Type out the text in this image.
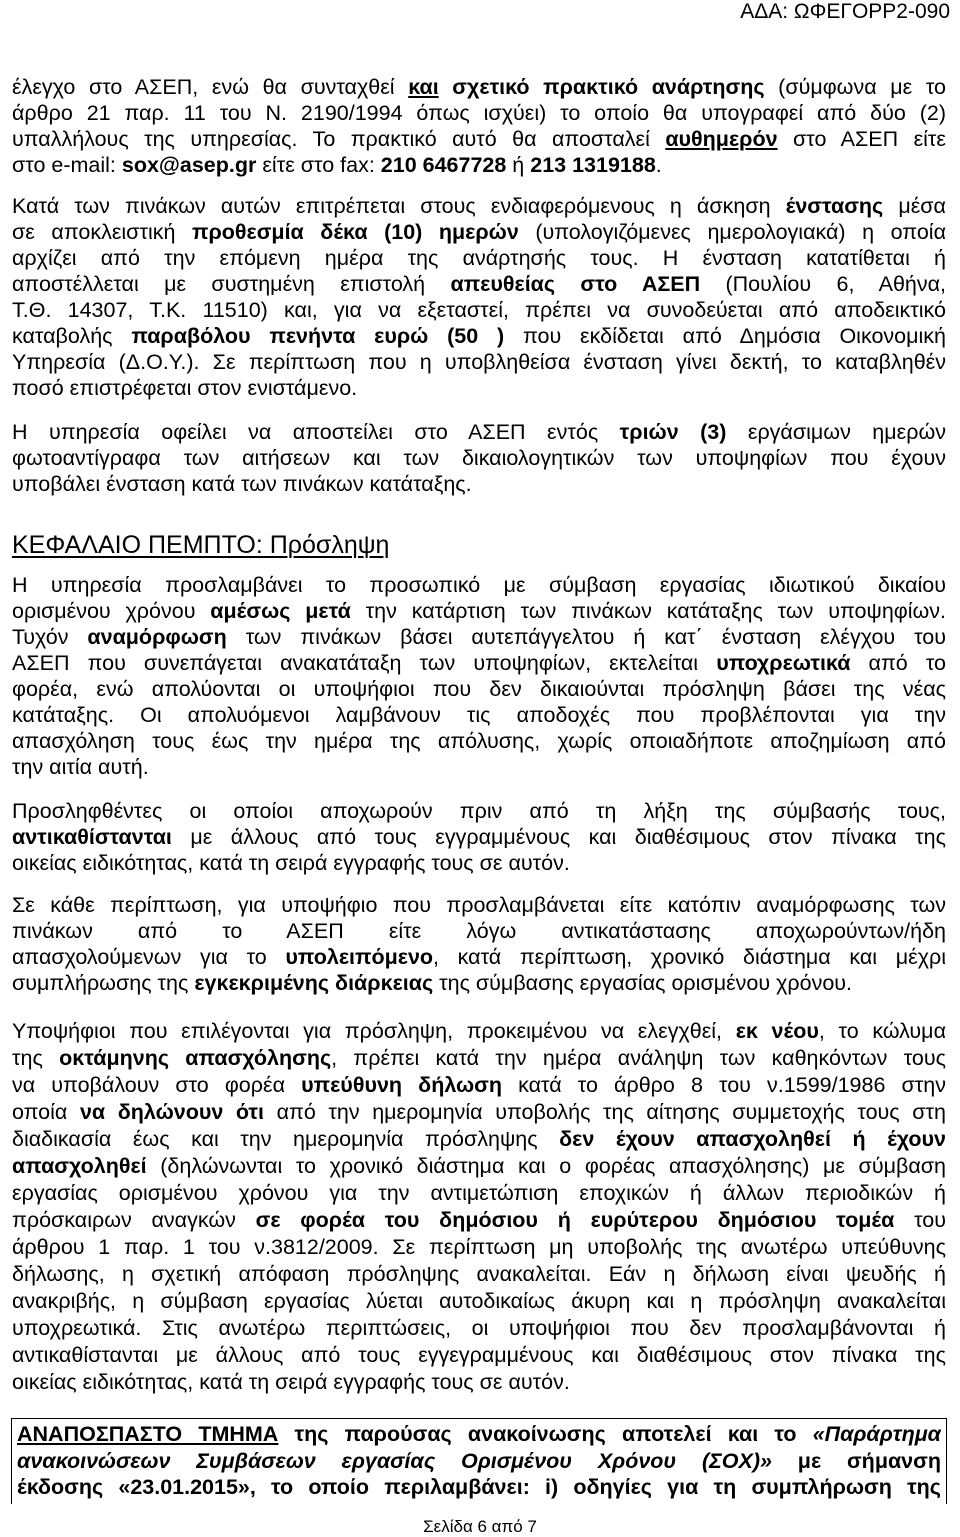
ΑΔΑ: ΩΦΕΓΟΡΡ2-090
έλεγχο στο ΑΣΕΠ, ενώ θα συνταχθεί και σχετικό πρακτικό ανάρτησης (σύμφωνα με το
άρθρο 21 παρ. 11 του Ν. 2190/1994 όπως ισχύει) το οποίο θα υπογραφεί από δύο (2)
υπαλλήλους της υπηρεσίας. Το πρακτικό αυτό θα αποσταλεί αυθημερόν στο ΑΣΕΠ είτε
στο e-mail: sox@asep.gr είτε στο fax: 210 6467728 ή 213 1319188.
Κατά των πινάκων αυτών επιτρέπεται στους ενδιαφερόμενους η άσκηση ένστασης μέσα
σε αποκλειστική προθεσμία δέκα (10) ημερών (υπολογιζόμενες ημερολογιακά) η οποία
αρχίζει από την επόμενη ημέρα της ανάρτησής τους. Η ένσταση κατατίθεται ή
αποστέλλεται με συστημένη επιστολή απευθείας στο ΑΣΕΠ (Πουλίου 6, Αθήνα,
Τ.Θ. 14307, Τ.Κ. 11510) και, για να εξεταστεί, πρέπει να συνοδεύεται από αποδεικτικό
καταβολής παραβόλου πενήντα ευρώ (50 ) που εκδίδεται από Δημόσια Οικονομική
Υπηρεσία (Δ.Ο.Υ.). Σε περίπτωση που η υποβληθείσα ένσταση γίνει δεκτή, το καταβληθέν
ποσό επιστρέφεται στον ενιστάμενο.
Η υπηρεσία οφείλει να αποστείλει στο ΑΣΕΠ εντός τριών (3) εργάσιμων ημερών
φωτοαντίγραφα των αιτήσεων και των δικαιολογητικών των υποψηφίων που έχουν
υποβάλει ένσταση κατά των πινάκων κατάταξης.
ΚΕΦΑΛΑΙΟ ΠΕΜΠΤΟ: Πρόσληψη
Η υπηρεσία προσλαμβάνει το προσωπικό με σύμβαση εργασίας ιδιωτικού δικαίου
ορισμένου χρόνου αμέσως μετά την κατάρτιση των πινάκων κατάταξης των υποψηφίων.
Τυχόν αναμόρφωση των πινάκων βάσει αυτεπάγγελτου ή κατ΄ ένσταση ελέγχου του
ΑΣΕΠ που συνεπάγεται ανακατάταξη των υποψηφίων, εκτελείται υποχρεωτικά από το
φορέα, ενώ απολύονται οι υποψήφιοι που δεν δικαιούνται πρόσληψη βάσει της νέας
κατάταξης. Οι απολυόμενοι λαμβάνουν τις αποδοχές που προβλέπονται για την
απασχόληση τους έως την ημέρα της απόλυσης, χωρίς οποιαδήποτε αποζημίωση από
την αιτία αυτή.
Προσληφθέντες οι οποίοι αποχωρούν πριν από τη λήξη της σύμβασής τους,
αντικαθίστανται με άλλους από τους εγγραμμένους και διαθέσιμους στον πίνακα της
οικείας ειδικότητας, κατά τη σειρά εγγραφής τους σε αυτόν.
Σε κάθε περίπτωση, για υποψήφιο που προσλαμβάνεται είτε κατόπιν αναμόρφωσης των
πινάκων από το ΑΣΕΠ είτε λόγω αντικατάστασης αποχωρούντων/ήδη
απασχολούμενων για το υπολειπόμενο, κατά περίπτωση, χρονικό διάστημα και μέχρι
συμπλήρωσης της εγκεκριμένης διάρκειας της σύμβασης εργασίας ορισμένου χρόνου.
Υποψήφιοι που επιλέγονται για πρόσληψη, προκειμένου να ελεγχθεί, εκ νέου, το κώλυμα
της οκτάμηνης απασχόλησης, πρέπει κατά την ημέρα ανάληψη των καθηκόντων τους
να υποβάλουν στο φορέα υπεύθυνη δήλωση κατά το άρθρο 8 του ν.1599/1986 στην
οποία να δηλώνουν ότι από την ημερομηνία υποβολής της αίτησης συμμετοχής τους στη
διαδικασία έως και την ημερομηνία πρόσληψης δεν έχουν απασχοληθεί ή έχουν
απασχοληθεί (δηλώνωνται το χρονικό διάστημα και ο φορέας απασχόλησης) με σύμβαση
εργασίας ορισμένου χρόνου για την αντιμετώπιση εποχικών ή άλλων περιοδικών ή
πρόσκαιρων αναγκών σε φορέα του δημόσιου ή ευρύτερου δημόσιου τομέα του
άρθρου 1 παρ. 1 του ν.3812/2009. Σε περίπτωση μη υποβολής της ανωτέρω υπεύθυνης
δήλωσης, η σχετική απόφαση πρόσληψης ανακαλείται. Εάν η δήλωση είναι ψευδής ή
ανακριβής, η σύμβαση εργασίας λύεται αυτοδικαίως άκυρη και η πρόσληψη ανακαλείται
υποχρεωτικά. Στις ανωτέρω περιπτώσεις, οι υποψήφιοι που δεν προσλαμβάνονται ή
αντικαθίστανται με άλλους από τους εγγεγραμμένους και διαθέσιμους στον πίνακα της
οικείας ειδικότητας, κατά τη σειρά εγγραφής τους σε αυτόν.
ΑΝΑΠΟΣΠΑΣΤΟ ΤΜΗΜΑ της παρούσας ανακοίνωσης αποτελεί και το «Παράρτημα
ανακοινώσεων Συμβάσεων εργασίας Ορισμένου Χρόνου (ΣΟΧ)» με σήμανση
έκδοσης «23.01.2015», το οποίο περιλαμβάνει: i) οδηγίες για τη συμπλήρωση της
Σελίδα 6 από 7
